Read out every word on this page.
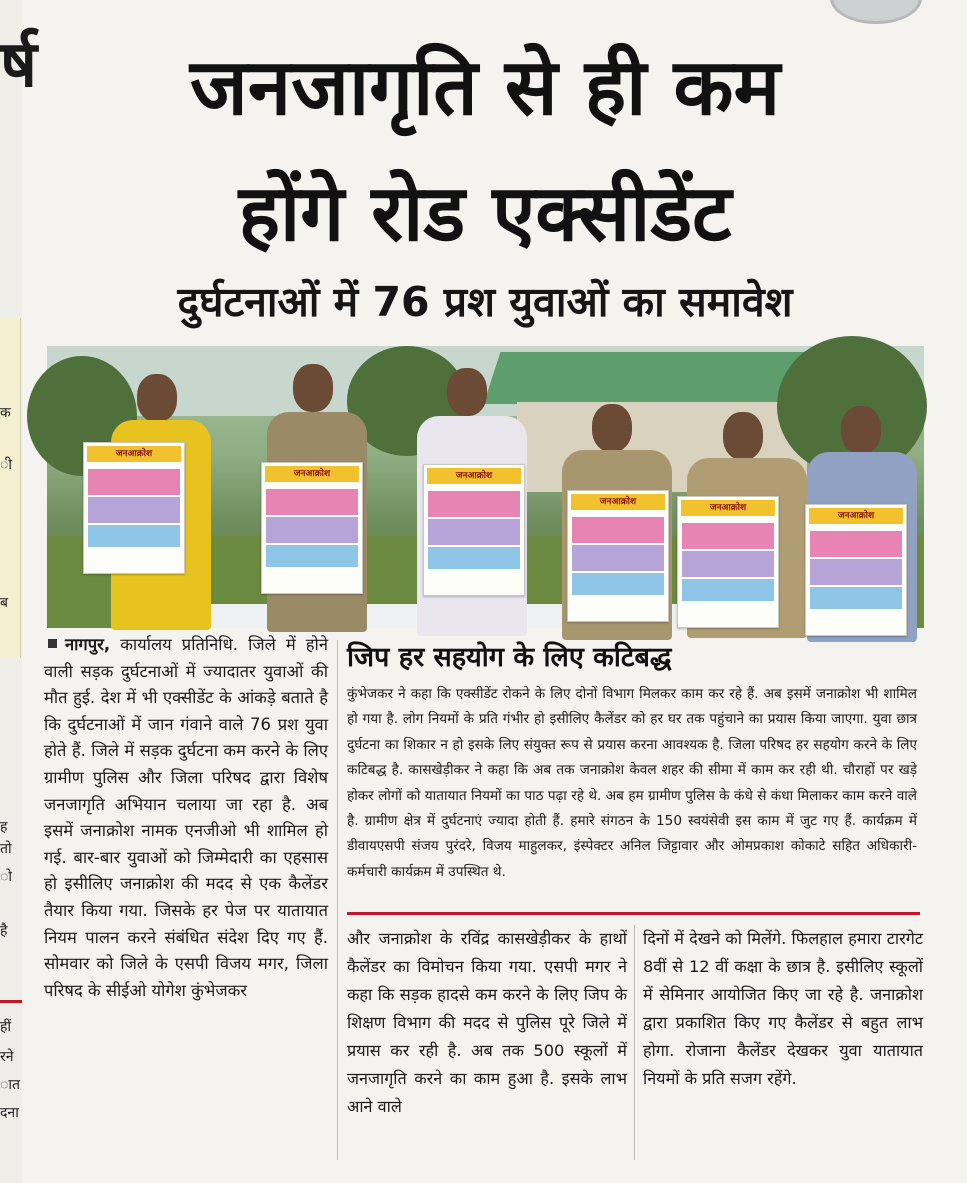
र्ष
क
ी
ब
ह
तो
ो
है
हीं
रने
ात
दना
जनजागृति से ही कम
होंगे रोड एक्सीडेंट
दुर्घटनाओं में 76 प्रश युवाओं का समावेश
जनआक्रोश
जनआक्रोश	जनआक्रोश
जनआक्रोश
जनआक्रोश
जनआक्रोश

नागपुर, कार्यालय प्रतिनिधि. जिले में होने वाली सड़क दुर्घटनाओं में ज्यादातर युवाओं की मौत हुई. देश में भी एक्सीडेंट के आंकड़े बताते है कि दुर्घटनाओं में जान गंवाने वाले 76 प्रश युवा होते हैं. जिले में सड़क दुर्घटना कम करने के लिए ग्रामीण पुलिस और जिला परिषद द्वारा विशेष जनजागृति अभियान चलाया जा रहा है. अब इसमें जनाक्रोश नामक एनजीओ भी शामिल हो गई. बार-बार युवाओं को जिम्मेदारी का एहसास हो इसीलिए जनाक्रोश की मदद से एक कैलेंडर तैयार किया गया. जिसके हर पेज पर यातायात नियम पालन करने संबंधित संदेश दिए गए हैं. सोमवार को जिले के एसपी विजय मगर, जिला परिषद के सीईओ योगेश कुंभेजकर

जिप हर सहयोग के लिए कटिबद्ध

कुंभेजकर ने कहा कि एक्सीडेंट रोकने के लिए दोनों विभाग मिलकर काम कर रहे हैं. अब इसमें जनाक्रोश भी शामिल हो गया है. लोग नियमों के प्रति गंभीर हो इसीलिए कैलेंडर को हर घर तक पहुंचाने का प्रयास किया जाएगा. युवा छात्र दुर्घटना का शिकार न हो इसके लिए संयुक्त रूप से प्रयास करना आवश्यक है. जिला परिषद हर सहयोग करने के लिए कटिबद्ध है. कासखेड़ीकर ने कहा कि अब तक जनाक्रोश केवल शहर की सीमा में काम कर रही थी. चौराहों पर खड़े होकर लोगों को यातायात नियमों का पाठ पढ़ा रहे थे. अब हम ग्रामीण पुलिस के कंधे से कंधा मिलाकर काम करने वाले है. ग्रामीण क्षेत्र में दुर्घटनाएं ज्यादा होती हैं. हमारे संगठन के 150 स्वयंसेवी इस काम में जुट गए हैं. कार्यक्रम में डीवायएसपी संजय पुरंदरे, विजय माहुलकर, इंस्पेक्टर अनिल जिट्टावार और ओमप्रकाश कोकाटे सहित अधिकारी-कर्मचारी कार्यक्रम में उपस्थित थे.

और जनाक्रोश के रविंद्र कासखेड़ीकर के हाथों कैलेंडर का विमोचन किया गया. एसपी मगर ने कहा कि सड़क हादसे कम करने के लिए जिप के शिक्षण विभाग की मदद से पुलिस पूरे जिले में प्रयास कर रही है. अब तक 500 स्कूलों में जनजागृति करने का काम हुआ है. इसके लाभ आने वाले

दिनों में देखने को मिलेंगे. फिलहाल हमारा टारगेट 8वीं से 12 वीं कक्षा के छात्र है. इसीलिए स्कूलों में सेमिनार आयोजित किए जा रहे है. जनाक्रोश द्वारा प्रकाशित किए गए कैलेंडर से बहुत लाभ होगा. रोजाना कैलेंडर देखकर युवा यातायात नियमों के प्रति सजग रहेंगे.
